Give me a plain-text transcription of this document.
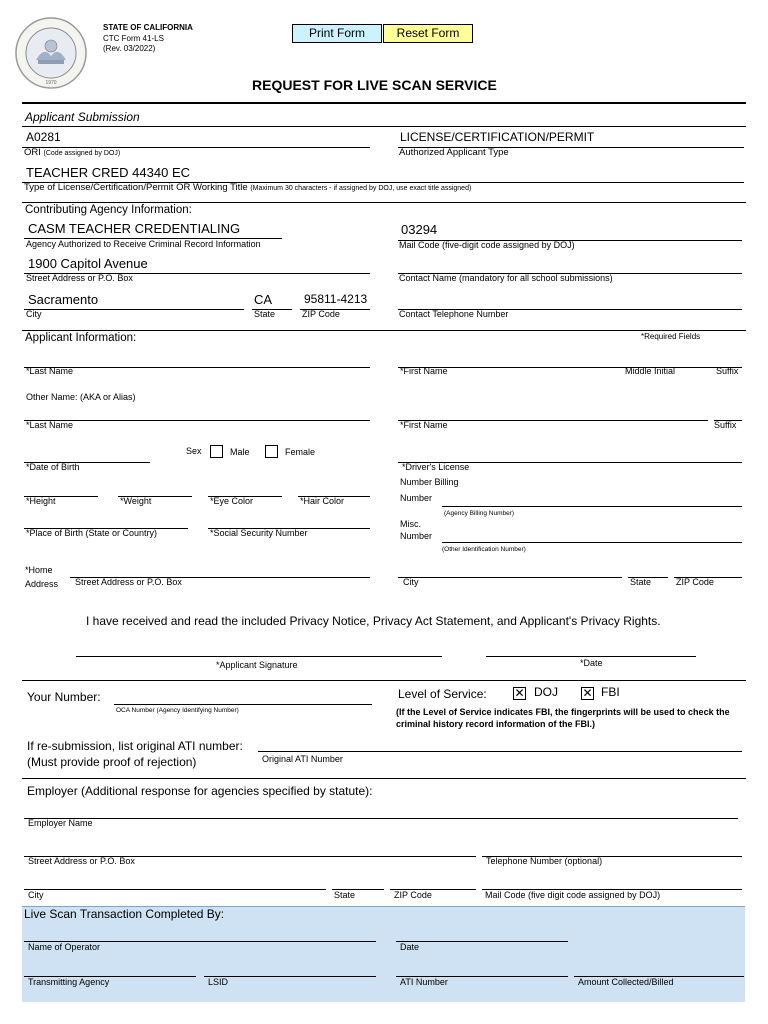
1970
STATE OF CALIFORNIA
CTC Form 41-LS
(Rev. 03/2022)
Print Form	Reset Form
REQUEST FOR LIVE SCAN SERVICE
Applicant Submission
A0281
ORI (Code assigned by DOJ)
LICENSE/CERTIFICATION/PERMIT
Authorized Applicant Type
TEACHER CRED 44340 EC
Type of License/Certification/Permit OR Working Title (Maximum 30 characters - if assigned by DOJ, use exact title assigned)
Contributing Agency Information:
CASM TEACHER CREDENTIALING
Agency Authorized to Receive Criminal Record Information
03294
Mail Code (five-digit code assigned by DOJ)
1900 Capitol Avenue
Street Address or P.O. Box	Contact Name (mandatory for all school submissions)
Sacramento	CA	95811-4213
City	State	ZIP Code	Contact Telephone Number
Applicant Information:	*Required Fields
*Last Name	*First Name	Middle Initial	Suffix
Other Name: (AKA or Alias)
*Last Name	*First Name	Suffix
Sex	Male	Female
*Date of Birth	*Driver's License
Number Billing
Number
(Agency Billing Number)
*Height	*Weight	*Eye Color	*Hair Color
*Place of Birth (State or Country)	*Social Security Number
Misc.
Number
(Other Identification Number)
*Home
Address Street Address or P.O. Box	City	State	ZIP Code
I have received and read the included Privacy Notice, Privacy Act Statement, and Applicant's Privacy Rights.
*Applicant Signature	*Date
Your Number:
OCA Number (Agency Identifying Number)
Level of Service: ✕ DOJ ✕ FBI
(If the Level of Service indicates FBI, the fingerprints will be used to check the
criminal history record information of the FBI.)
If re-submission, list original ATI number:
(Must provide proof of rejection)	Original ATI Number
Employer (Additional response for agencies specified by statute):
Employer Name
Street Address or P.O. Box	Telephone Number (optional)
City	State	ZIP Code	Mail Code (five digit code assigned by DOJ)
Live Scan Transaction Completed By:
Name of Operator	Date
Transmitting Agency	LSID	ATI Number	Amount Collected/Billed
